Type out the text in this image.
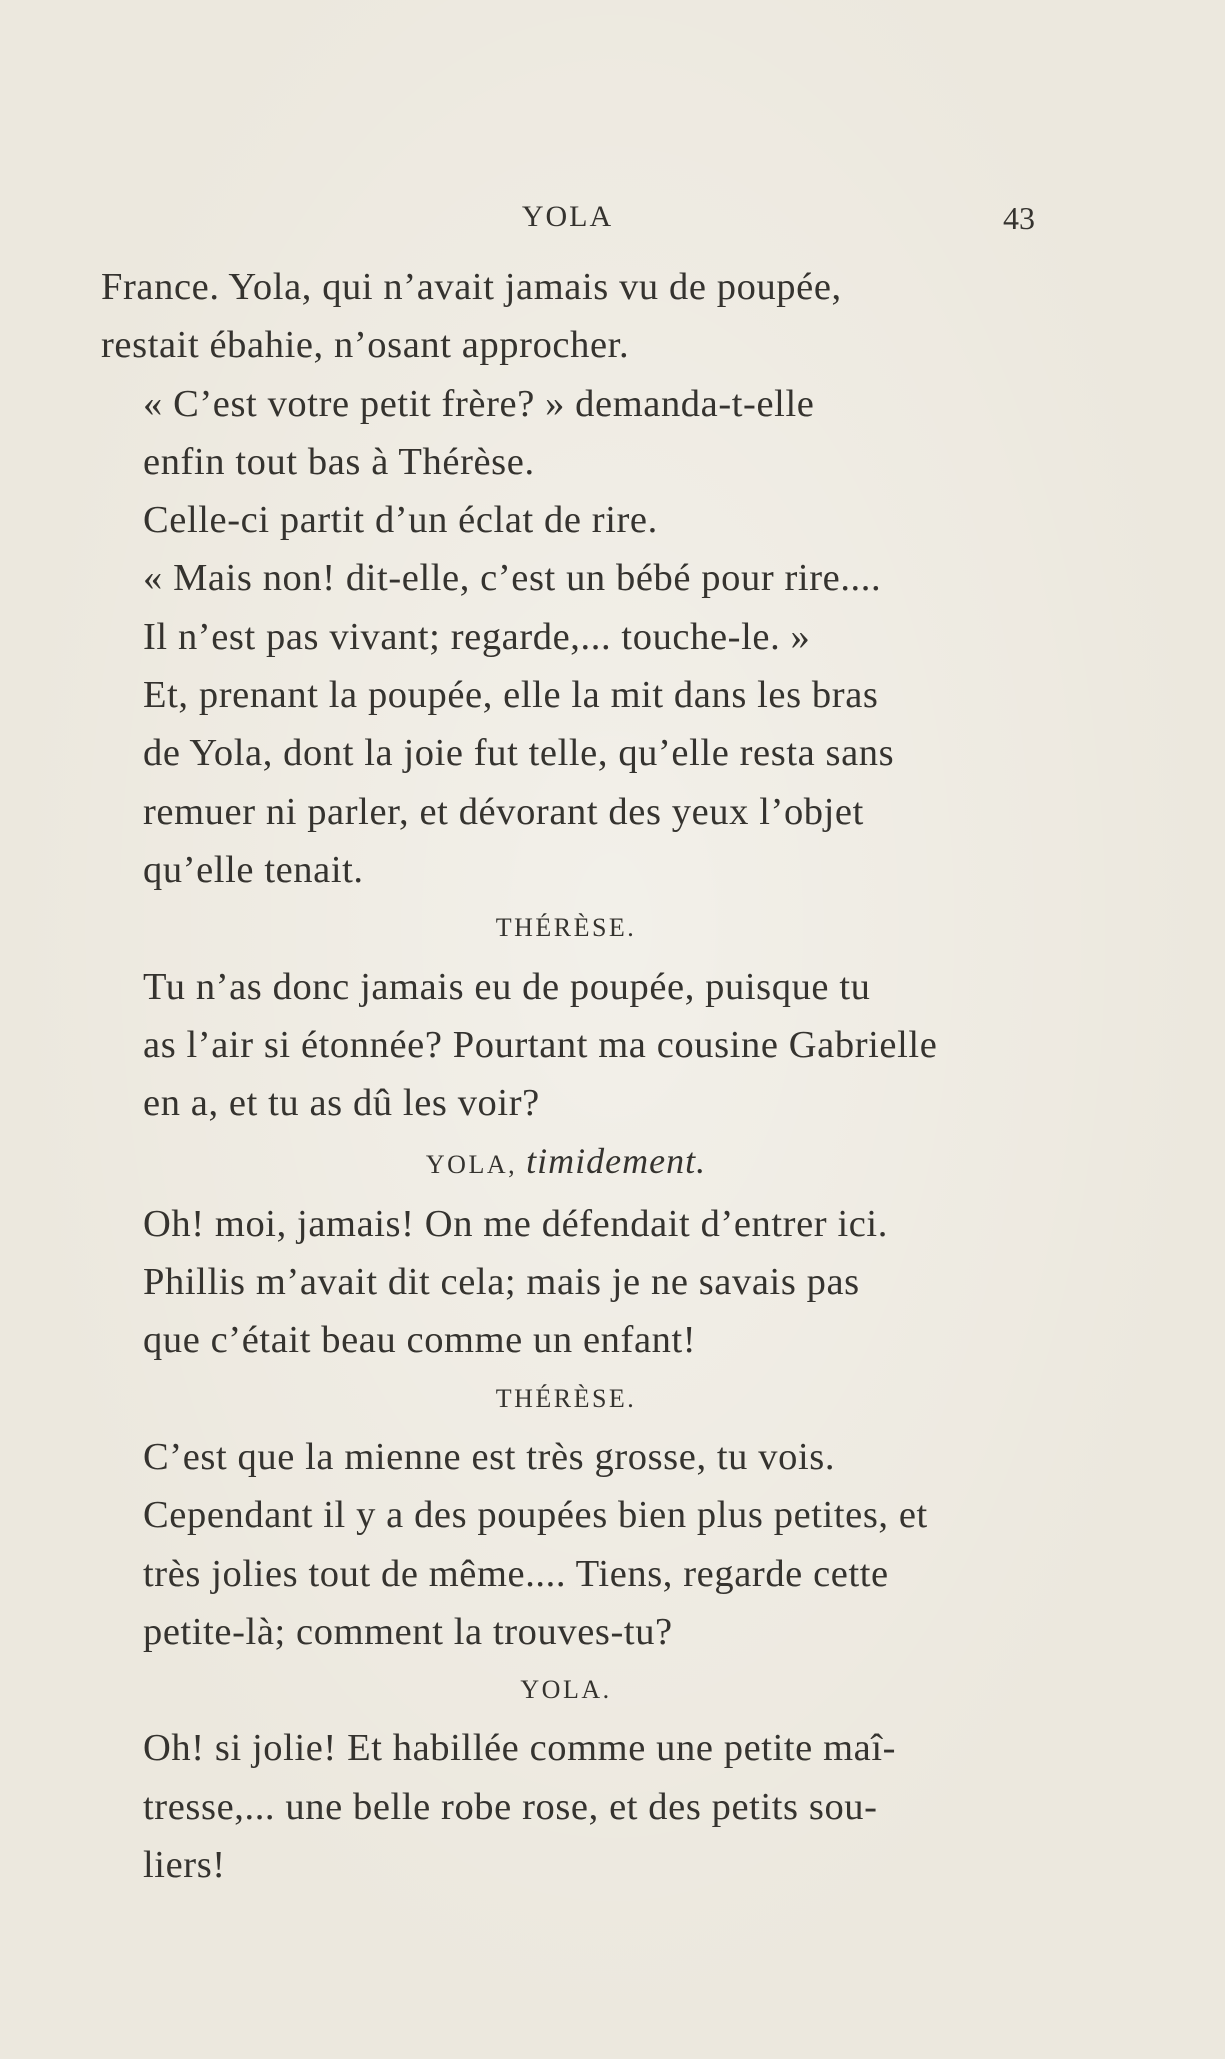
YOLA	43

France. Yola, qui n’avait jamais vu de poupée,
restait ébahie, n’osant approcher.

« C’est votre petit frère? » demanda-t-elle
enfin tout bas à Thérèse.

Celle-ci partit d’un éclat de rire.

« Mais non! dit-elle, c’est un bébé pour rire....
Il n’est pas vivant; regarde,... touche-le. »

Et, prenant la poupée, elle la mit dans les bras
de Yola, dont la joie fut telle, qu’elle resta sans
remuer ni parler, et dévorant des yeux l’objet
qu’elle tenait.

THÉRÈSE.

Tu n’as donc jamais eu de poupée, puisque tu
as l’air si étonnée? Pourtant ma cousine Gabrielle
en a, et tu as dû les voir?

YOLA, timidement.

Oh! moi, jamais! On me défendait d’entrer ici.
Phillis m’avait dit cela; mais je ne savais pas
que c’était beau comme un enfant!

THÉRÈSE.

C’est que la mienne est très grosse, tu vois.
Cependant il y a des poupées bien plus petites, et
très jolies tout de même.... Tiens, regarde cette
petite-là; comment la trouves-tu?

YOLA.

Oh! si jolie! Et habillée comme une petite maî-
tresse,... une belle robe rose, et des petits sou-
liers!
